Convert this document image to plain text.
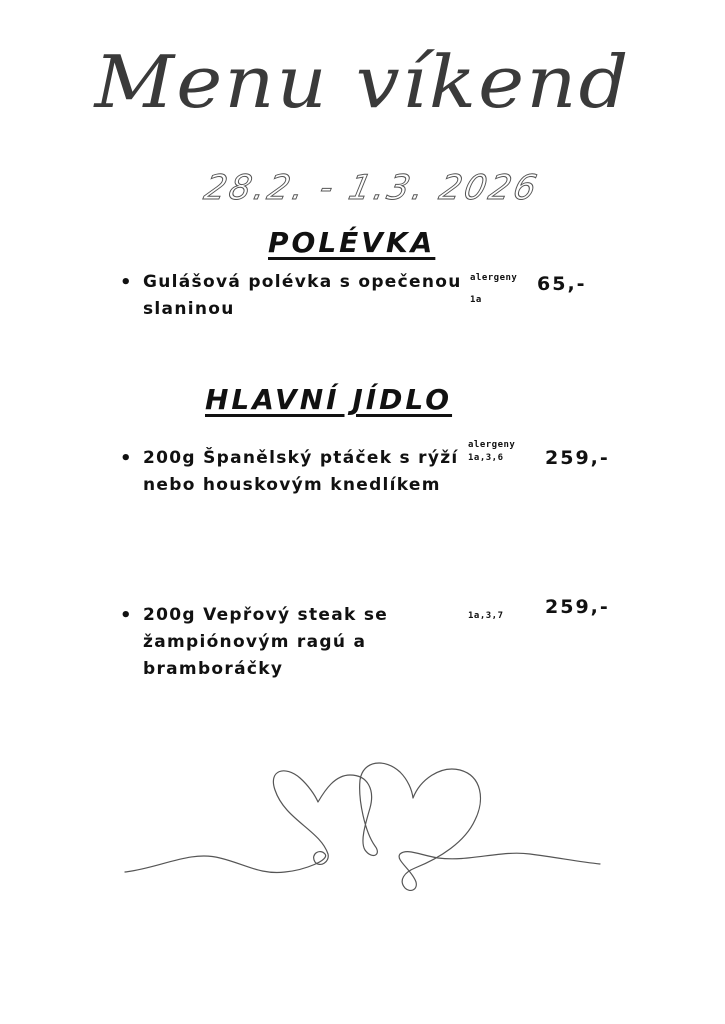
Menu víkend
28.2. - 1.3. 2026
POLÉVKA
• Gulášová polévka s opečenou slaninou
alergeny
1a
65,-
HLAVNÍ JÍDLO
• 200g Španělský ptáček s rýží nebo houskovým knedlíkem
alergeny
1a,3,6 259,-
• 200g Vepřový steak se žampiónovým ragú a bramboráčky
1a,3,7 259,-
